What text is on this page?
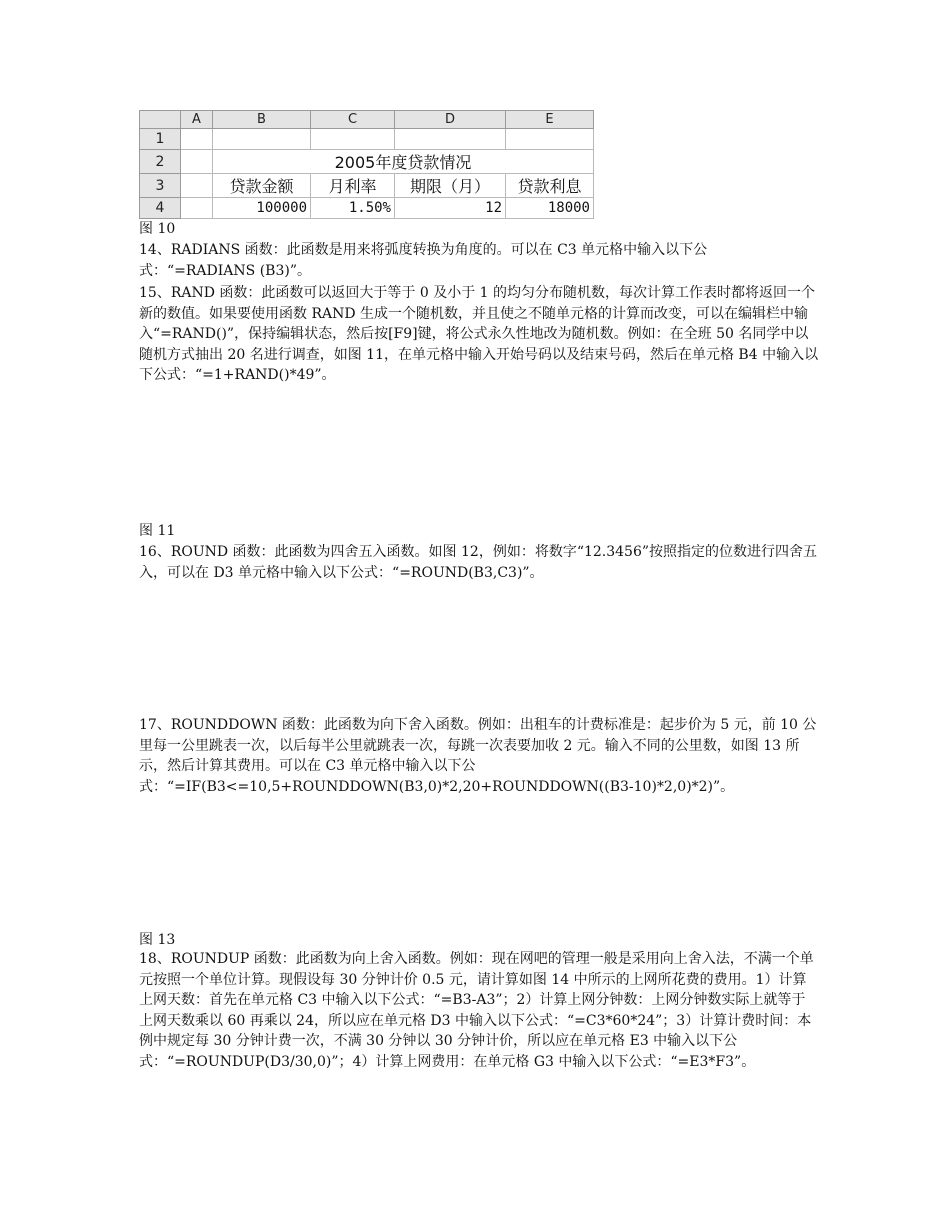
	A	B	C	D	E
1					
2		2005年度贷款情况			
3		贷款金额	月利率	期限（月）	贷款利息
4		100000	1.50%	12	18000

图 10

14、RADIANS 函数：此函数是用来将弧度转换为角度的。可以在 C3 单元格中输入以下公式：“=RADIANS (B3)”。

15、RAND 函数：此函数可以返回大于等于 0 及小于 1 的均匀分布随机数，每次计算工作表时都将返回一个新的数值。如果要使用函数 RAND 生成一个随机数，并且使之不随单元格的计算而改变，可以在编辑栏中输入“=RAND()”，保持编辑状态，然后按[F9]键，将公式永久性地改为随机数。例如：在全班 50 名同学中以随机方式抽出 20 名进行调查，如图 11，在单元格中输入开始号码以及结束号码，然后在单元格 B4 中输入以下公式：“=1+RAND()*49”。

图 11

16、ROUND 函数：此函数为四舍五入函数。如图 12，例如：将数字“12.3456”按照指定的位数进行四舍五入，可以在 D3 单元格中输入以下公式：“=ROUND(B3,C3)”。

17、ROUNDDOWN 函数：此函数为向下舍入函数。例如：出租车的计费标准是：起步价为 5 元，前 10 公里每一公里跳表一次，以后每半公里就跳表一次，每跳一次表要加收 2 元。输入不同的公里数，如图 13 所示，然后计算其费用。可以在 C3 单元格中输入以下公式：“=IF(B3<=10,5+ROUNDDOWN(B3,0)*2,20+ROUNDDOWN((B3-10)*2,0)*2)”。

图 13

18、ROUNDUP 函数：此函数为向上舍入函数。例如：现在网吧的管理一般是采用向上舍入法，不满一个单元按照一个单位计算。现假设每 30 分钟计价 0.5 元，请计算如图 14 中所示的上网所花费的费用。1）计算上网天数：首先在单元格 C3 中输入以下公式：“=B3-A3”；2）计算上网分钟数：上网分钟数实际上就等于上网天数乘以 60 再乘以 24，所以应在单元格 D3 中输入以下公式：“=C3*60*24”；3）计算计费时间：本例中规定每 30 分钟计费一次，不满 30 分钟以 30 分钟计价，所以应在单元格 E3 中输入以下公式：“=ROUNDUP(D3/30,0)”；4）计算上网费用：在单元格 G3 中输入以下公式：“=E3*F3”。
